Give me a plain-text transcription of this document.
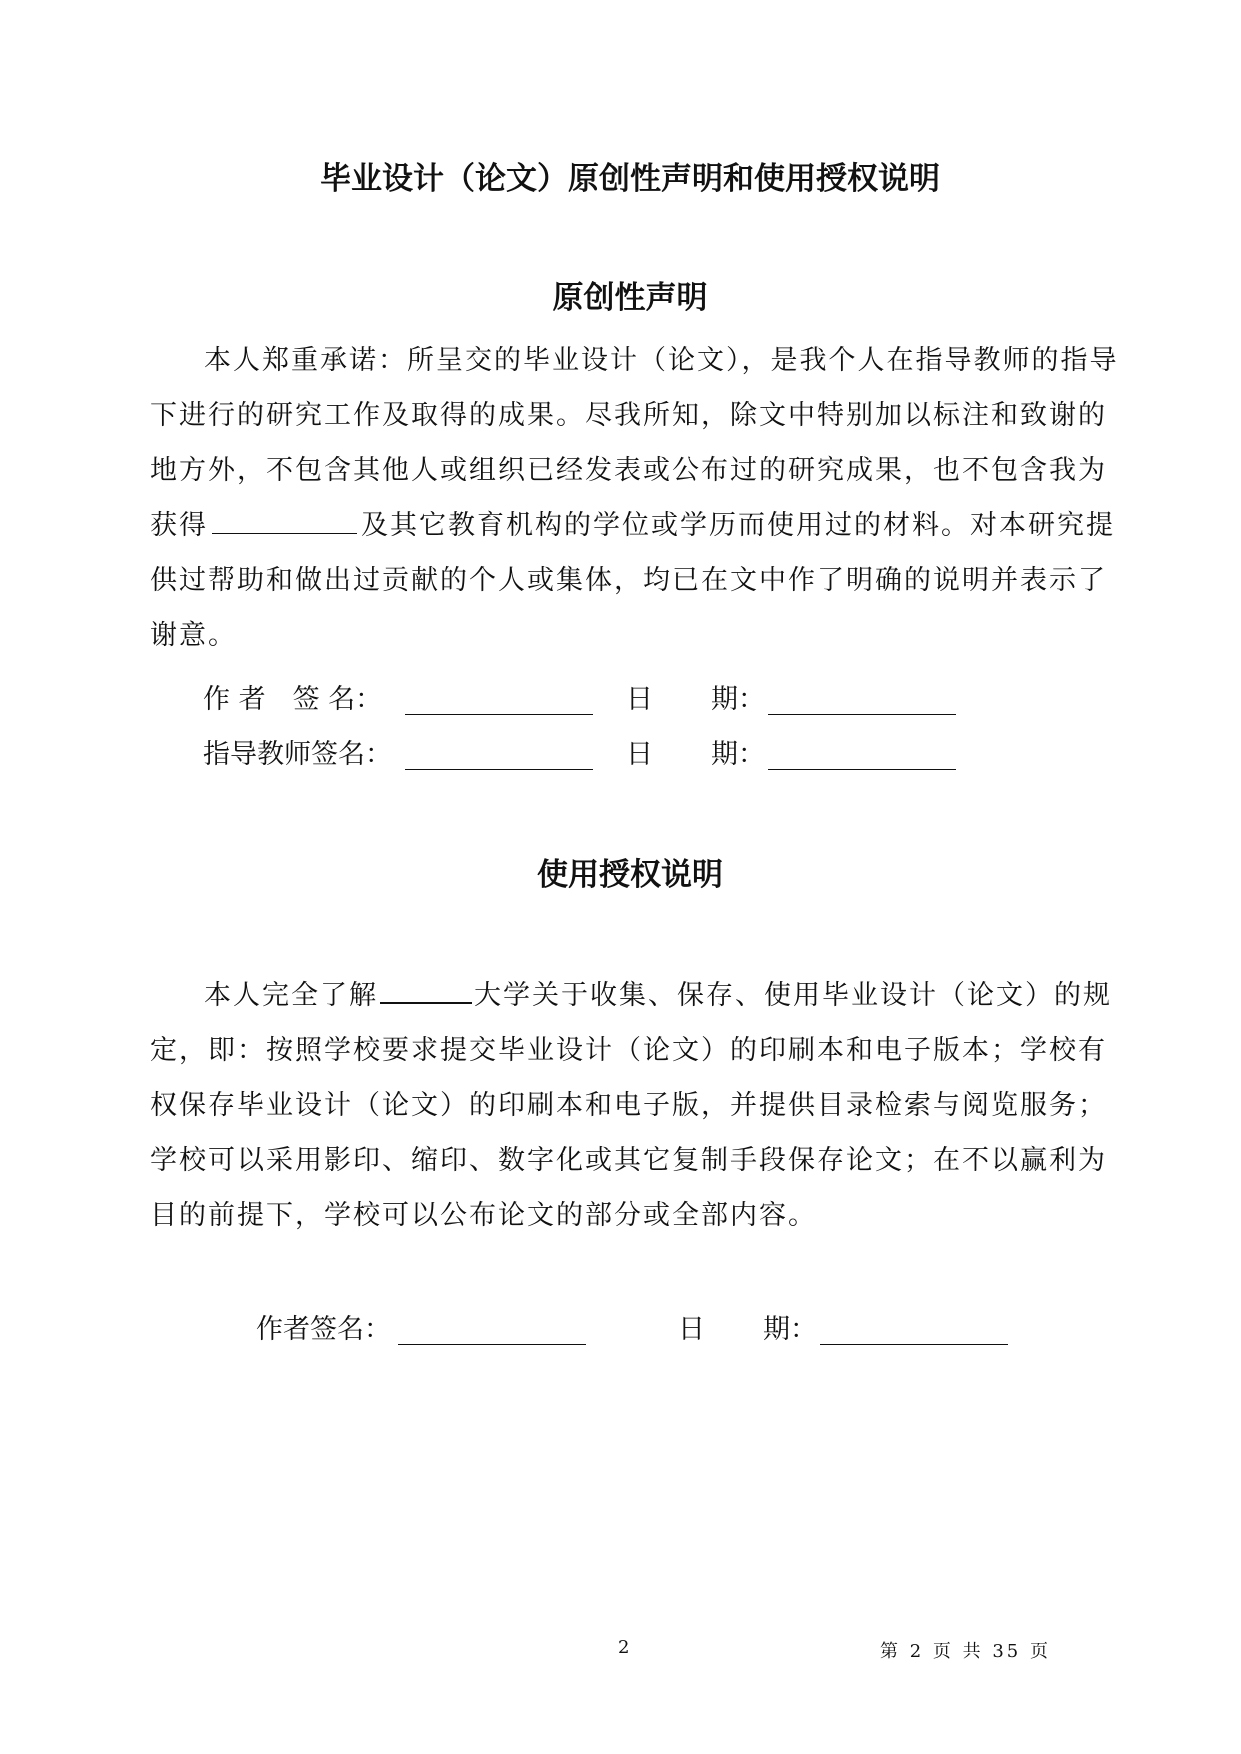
毕业设计（论文）原创性声明和使用授权说明
原创性声明
本人郑重承诺：所呈交的毕业设计（论文），是我个人在指导教师的指导
下进行的研究工作及取得的成果。尽我所知，除文中特别加以标注和致谢的
地方外，不包含其他人或组织已经发表或公布过的研究成果，也不包含我为
获得	及其它教育机构的学位或学历而使用过的材料。对本研究提
供过帮助和做出过贡献的个人或集体，均已在文中作了明确的说明并表示了
谢意。
作 者　签 名：	日 期：
指导教师签名：	日 期：
使用授权说明
本人完全了解	大学关于收集、保存、使用毕业设计（论文）的规
定，即：按照学校要求提交毕业设计（论文）的印刷本和电子版本；学校有
权保存毕业设计（论文）的印刷本和电子版，并提供目录检索与阅览服务；
学校可以采用影印、缩印、数字化或其它复制手段保存论文；在不以赢利为
目的前提下，学校可以公布论文的部分或全部内容。
作者签名：	日 期：
2	第 2 页 共 35 页
